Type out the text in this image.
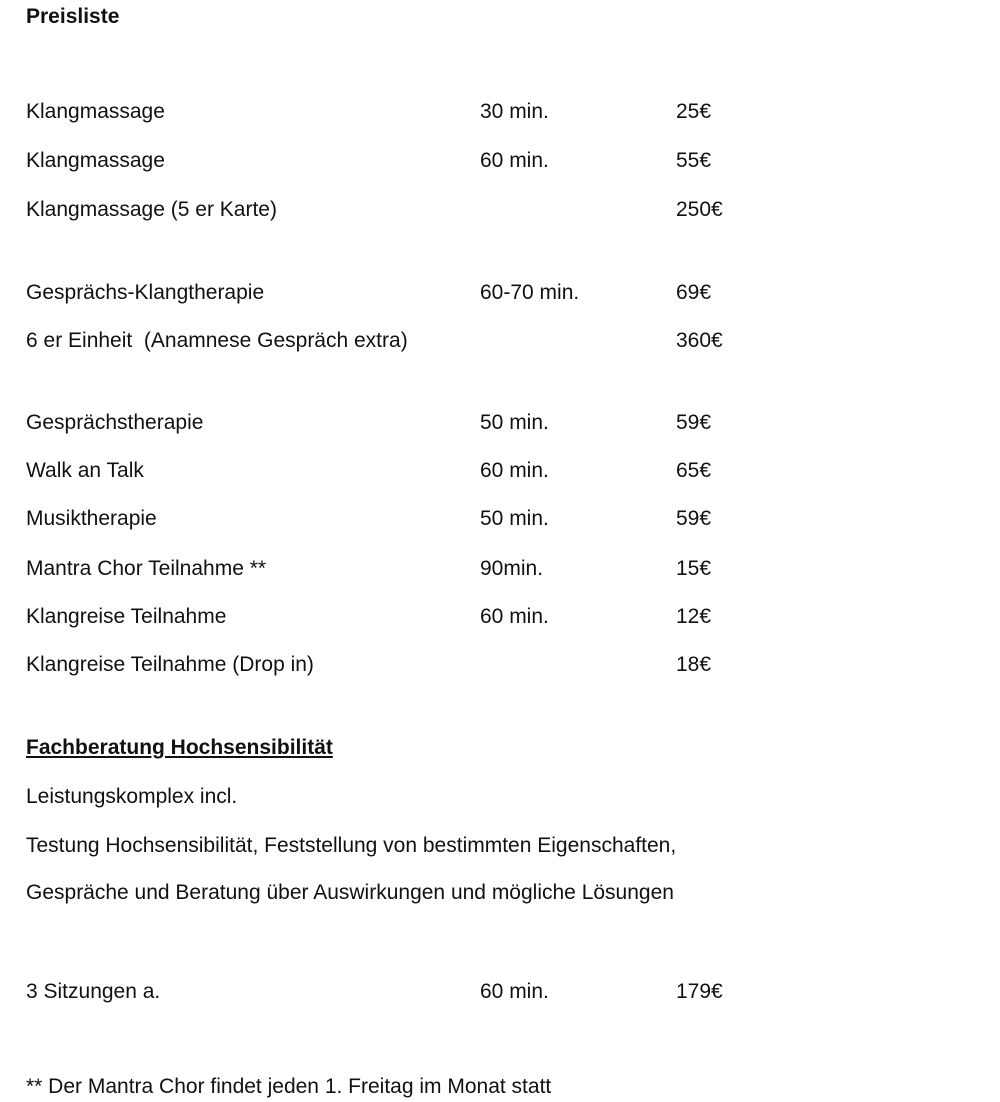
Preisliste
Klangmassage	30 min.	25€
Klangmassage	60 min.	55€
Klangmassage (5 er Karte)	250€
Gesprächs-Klangtherapie	60-70 min.	69€
6 er Einheit  (Anamnese Gespräch extra)	360€
Gesprächstherapie	50 min.	59€
Walk an Talk	60 min.	65€
Musiktherapie	50 min.	59€
Mantra Chor Teilnahme **	90min.	15€
Klangreise Teilnahme	60 min.	12€
Klangreise Teilnahme (Drop in)	18€
Fachberatung Hochsensibilität
Leistungskomplex incl.
Testung Hochsensibilität, Feststellung von bestimmten Eigenschaften,
Gespräche und Beratung über Auswirkungen und mögliche Lösungen
3 Sitzungen a.	60 min.	179€
** Der Mantra Chor findet jeden 1. Freitag im Monat statt
